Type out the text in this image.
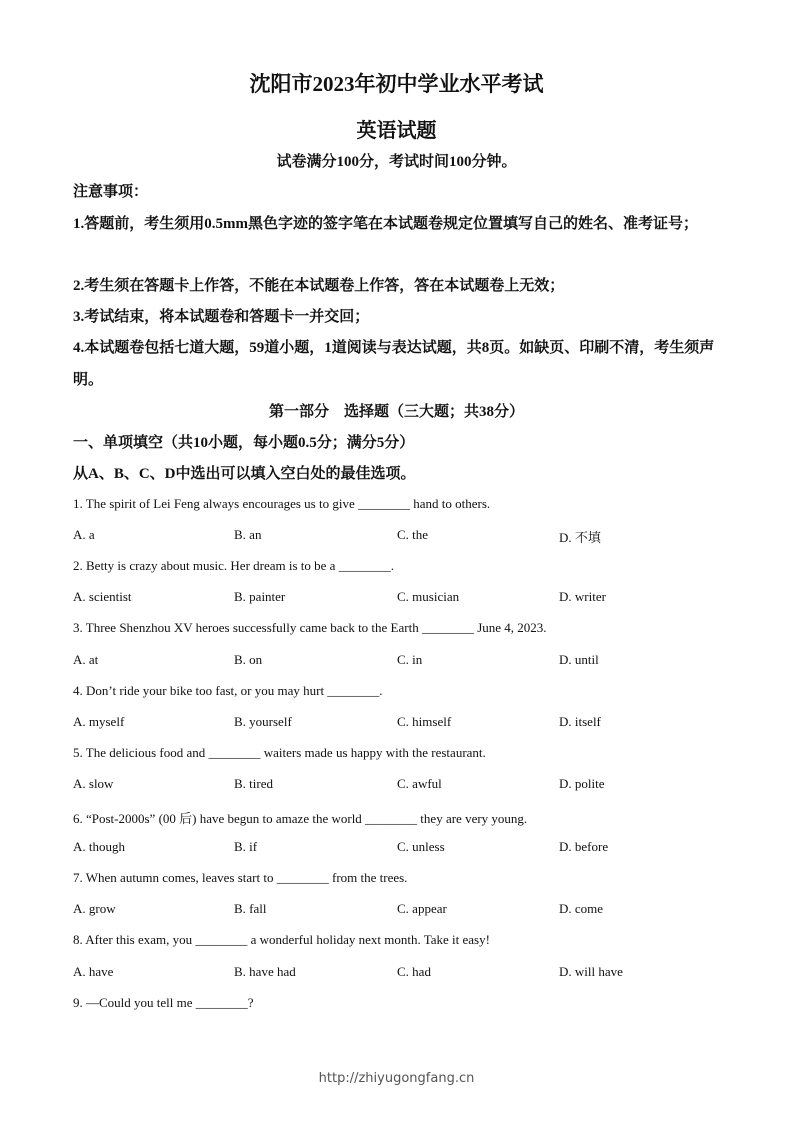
沈阳市2023年初中学业水平考试
英语试题
试卷满分100分，考试时间100分钟。
注意事项：
1.答题前，考生须用0.5mm黑色字迹的签字笔在本试题卷规定位置填写自己的姓名、准考证号；
2.考生须在答题卡上作答，不能在本试题卷上作答，答在本试题卷上无效；
3.考试结束，将本试题卷和答题卡一并交回；
4.本试题卷包括七道大题，59道小题，1道阅读与表达试题，共8页。如缺页、印刷不清，考生须声明。
第一部分　选择题（三大题；共38分）
一、单项填空（共10小题，每小题0.5分；满分5分）
从A、B、C、D中选出可以填入空白处的最佳选项。
1. The spirit of Lei Feng always encourages us to give ________ hand to others.
A. a	B. an	C. the	D. 不填
2. Betty is crazy about music. Her dream is to be a ________.
A. scientist	B. painter	C. musician	D. writer
3. Three Shenzhou XV heroes successfully came back to the Earth ________ June 4, 2023.
A. at	B. on	C. in	D. until
4. Don’t ride your bike too fast, or you may hurt ________.
A. myself	B. yourself	C. himself	D. itself
5. The delicious food and ________ waiters made us happy with the restaurant.
A. slow	B. tired	C. awful	D. polite
6. “Post-2000s” (00 后) have begun to amaze the world ________ they are very young.
A. though	B. if	C. unless	D. before
7. When autumn comes, leaves start to ________ from the trees.
A. grow	B. fall	C. appear	D. come
8. After this exam, you ________ a wonderful holiday next month. Take it easy!
A. have	B. have had	C. had	D. will have
9. —Could you tell me ________?
http://zhiyugongfang.cn
